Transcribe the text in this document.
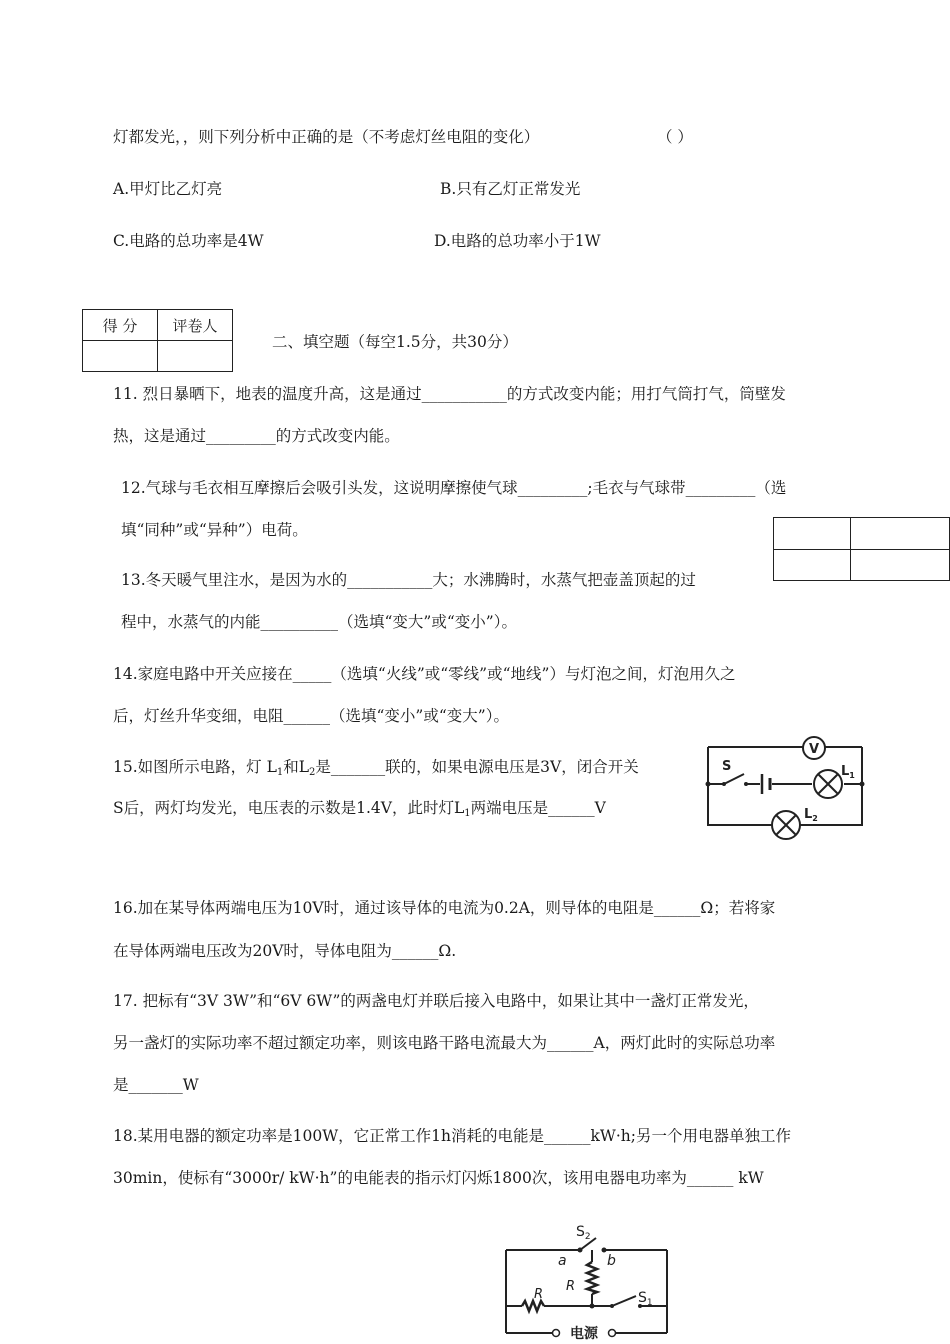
灯都发光，，则下列分析中正确的是（不考虑灯丝电阻的变化）	（ ）
A.甲灯比乙灯亮	B.只有乙灯正常发光
C.电路的总功率是4W	D.电路的总功率小于1W
得 分	评卷人

二、填空题（每空1.5分，共30分）
11. 烈日暴晒下，地表的温度升高，这是通过___________的方式改变内能；用打气筒打气，筒壁发
热，这是通过_________的方式改变内能。
12.气球与毛衣相互摩擦后会吸引头发，这说明摩擦使气球_________;毛衣与气球带_________（选
填“同种”或“异种”）电荷。

13.冬天暖气里注水，是因为水的___________大；水沸腾时，水蒸气把壶盖顶起的过
程中，水蒸气的内能__________（选填“变大”或“变小”）。
14.家庭电路中开关应接在_____（选填“火线”或“零线”或“地线”）与灯泡之间，灯泡用久之
后，灯丝升华变细，电阻______（选填“变小”或“变大”）。
15.如图所示电路，灯 $L_1$和$L_2$是_______联的，如果电源电压是3V，闭合开关
S后，两灯均发光，电压表的示数是1.4V，此时灯$L_1$两端电压是______V
V
S	$L_1$
$L_2$
16.加在某导体两端电压为10V时，通过该导体的电流为0.2A，则导体的电阻是______Ω；若将家
在导体两端电压改为20V时，导体电阻为______Ω.
17. 把标有“3V 3W”和“6V 6W”的两盏电灯并联后接入电路中，如果让其中一盏灯正常发光，
另一盏灯的实际功率不超过额定功率，则该电路干路电流最大为______A，两灯此时的实际总功率
是_______W
18.某用电器的额定功率是100W，它正常工作1h消耗的电能是______kW·h;另一个用电器单独工作
30min，使标有“3000r/ kW·h”的电能表的指示灯闪烁1800次，该用电器电功率为______ kW
$S_2$
a	b
R
R
$S_1$
电源
